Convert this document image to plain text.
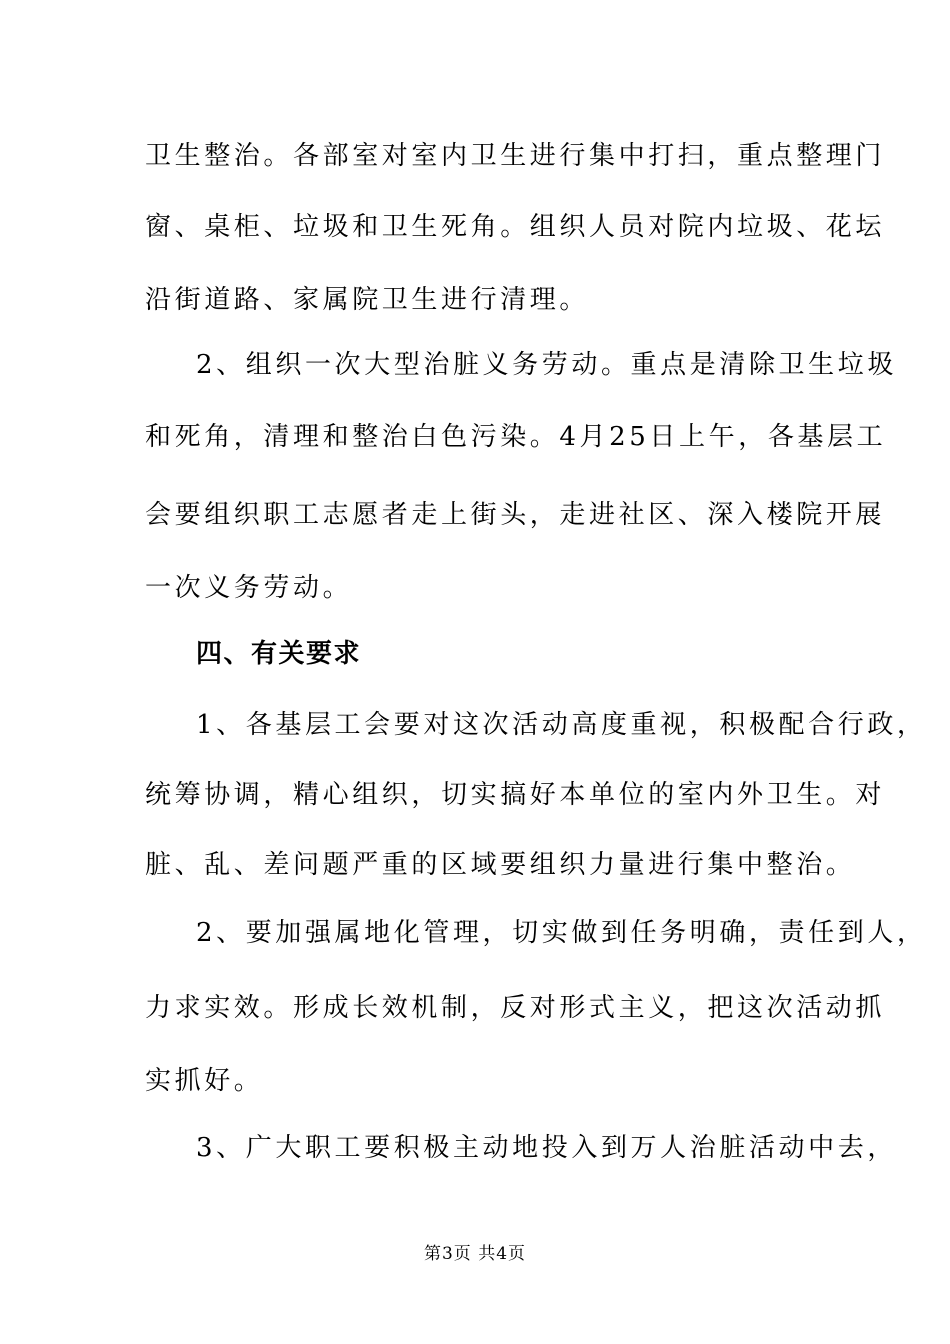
卫生整治。各部室对室内卫生进行集中打扫，重点整理门
窗、桌柜、垃圾和卫生死角。组织人员对院内垃圾、花坛
沿街道路、家属院卫生进行清理。
2、组织一次大型治脏义务劳动。重点是清除卫生垃圾
和死角，清理和整治白色污染。4月25日上午，各基层工
会要组织职工志愿者走上街头，走进社区、深入楼院开展
一次义务劳动。
四、有关要求
1、各基层工会要对这次活动高度重视，积极配合行政，
统筹协调，精心组织，切实搞好本单位的室内外卫生。对
脏、乱、差问题严重的区域要组织力量进行集中整治。
2、要加强属地化管理，切实做到任务明确，责任到人，
力求实效。形成长效机制，反对形式主义，把这次活动抓
实抓好。
3、广大职工要积极主动地投入到万人治脏活动中去，
第3页 共4页
